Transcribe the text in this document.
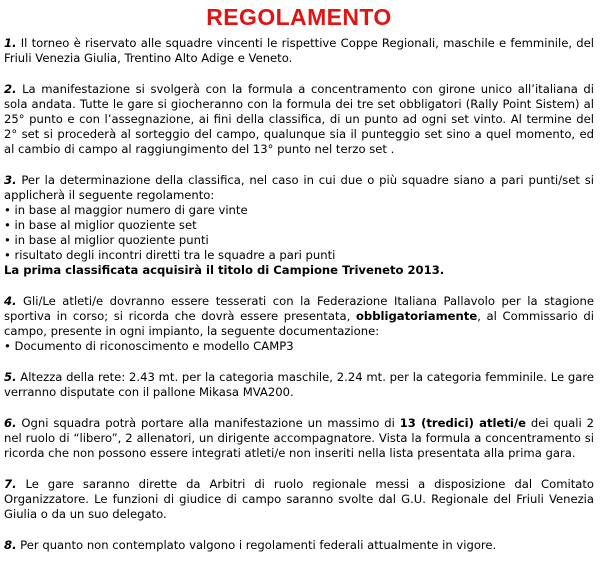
REGOLAMENTO

1. Il torneo è riservato alle squadre vincenti le rispettive Coppe Regionali, maschile e femminile, del Friuli Venezia Giulia, Trentino Alto Adige e Veneto.

2. La manifestazione si svolgerà con la formula a concentramento con girone unico all’italiana di sola andata. Tutte le gare si giocheranno con la formula dei tre set obbligatori (Rally Point Sistem) al 25° punto e con l’assegnazione, ai fini della classifica, di un punto ad ogni set vinto. Al termine del 2° set si procederà al sorteggio del campo, qualunque sia il punteggio set sino a quel momento, ed al cambio di campo al raggiungimento del 13° punto nel terzo set .

3. Per la determinazione della classifica, nel caso in cui due o più squadre siano a pari punti/set si applicherà il seguente regolamento:
• in base al maggior numero di gare vinte
• in base al miglior quoziente set
• in base al miglior quoziente punti
• risultato degli incontri diretti tra le squadre a pari punti
La prima classificata acquisirà il titolo di Campione Triveneto 2013.
4. Gli/Le atleti/e dovranno essere tesserati con la Federazione Italiana Pallavolo per la stagione sportiva in corso; si ricorda che dovrà essere presentata, obbligatoriamente, al Commissario di campo, presente in ogni impianto, la seguente documentazione:
• Documento di riconoscimento e modello CAMP3

5. Altezza della rete: 2.43 mt. per la categoria maschile, 2.24 mt. per la categoria femminile. Le gare verranno disputate con il pallone Mikasa MVA200.

6. Ogni squadra potrà portare alla manifestazione un massimo di 13 (tredici) atleti/e dei quali 2 nel ruolo di “libero”, 2 allenatori, un dirigente accompagnatore. Vista la formula a concentramento si ricorda che non possono essere integrati atleti/e non inseriti nella lista presentata alla prima gara.

7. Le gare saranno dirette da Arbitri di ruolo regionale messi a disposizione dal Comitato Organizzatore. Le funzioni di giudice di campo saranno svolte dal G.U. Regionale del Friuli Venezia Giulia o da un suo delegato.

8. Per quanto non contemplato valgono i regolamenti federali attualmente in vigore.
